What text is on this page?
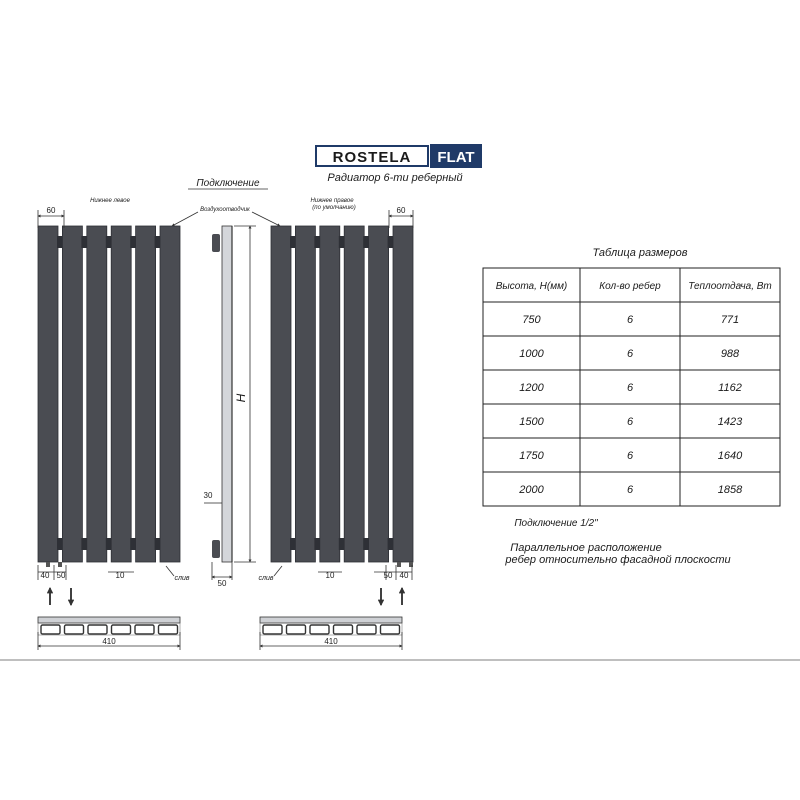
ROSTELA FLAT
Радиатор 6-ти реберный
Подключение
Нижнее левое
Воздухоотводчик
Нижнее правое
(по умолчанию)
60	60
H
30
50
40 50	10	слив	50 40
10
слив
410	410
Таблица размеров
Высота, Н(мм)	Кол-во ребер	Теплоотдача, Вт
750	6	771
1000	6	988
1200	6	1162
1500	6	1423
1750	6	1640
2000	6	1858
Подключение 1/2"
Параллельное расположение
ребер относительно фасадной плоскости
